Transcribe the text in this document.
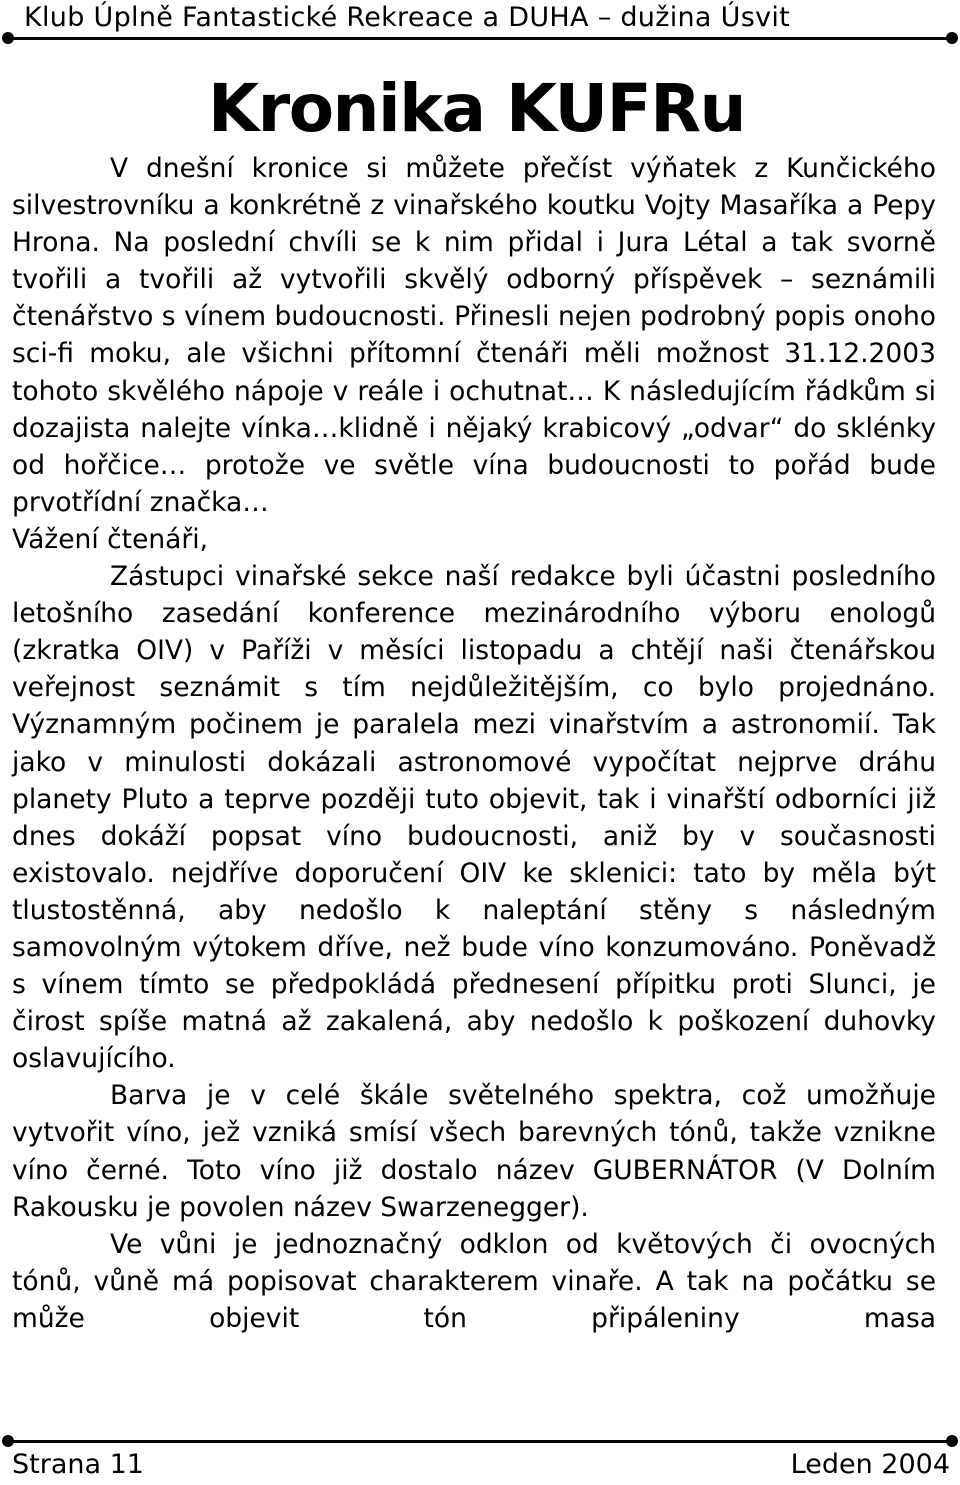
Klub Úplně Fantastické Rekreace a DUHA – dužina Úsvit
Kronika KUFRu

V dnešní kronice si můžete přečíst výňatek z Kunčického silvestrovníku a konkrétně z vinařského koutku Vojty Masaříka a Pepy Hrona. Na poslední chvíli se k nim přidal i Jura Létal a tak svorně tvořili a tvořili až vytvořili skvělý odborný příspěvek – seznámili čtenářstvo s vínem budoucnosti. Přinesli nejen podrobný popis onoho sci-fi moku, ale všichni přítomní čtenáři měli možnost 31.12.2003 tohoto skvělého nápoje v reále i ochutnat… K následujícím řádkům si dozajista nalejte vínka…klidně i nějaký krabicový „odvar“ do sklénky od hořčice… protože ve světle vína budoucnosti to pořád bude prvotřídní značka…

Vážení čtenáři,

Zástupci vinařské sekce naší redakce byli účastni posledního letošního zasedání konference mezinárodního výboru enologů (zkratka OIV) v Paříži v měsíci listopadu a chtějí naši čtenářskou veřejnost seznámit s tím nejdůležitějším, co bylo projednáno. Významným počinem je paralela mezi vinařstvím a astronomií. Tak jako v minulosti dokázali astronomové vypočítat nejprve dráhu planety Pluto a teprve později tuto objevit, tak i vinařští odborníci již dnes dokáží popsat víno budoucnosti, aniž by v současnosti existovalo. nejdříve doporučení OIV ke sklenici: tato by měla být tlustostěnná, aby nedošlo k naleptání stěny s následným samovolným výtokem dříve, než bude víno konzumováno. Poněvadž s vínem tímto se předpokládá přednesení přípitku proti Slunci, je čirost spíše matná až zakalená, aby nedošlo k poškození duhovky oslavujícího.

Barva je v celé škále světelného spektra, což umožňuje vytvořit víno, jež vzniká smísí všech barevných tónů, takže vznikne víno černé. Toto víno již dostalo název GUBERNÁTOR (V Dolním Rakousku je povolen název Swarzenegger).

Ve vůni je jednoznačný odklon od květových či ovocných tónů, vůně má popisovat charakterem vinaře. A tak na počátku se může objevit tón připáleniny masa

Strana 11	Leden 2004
